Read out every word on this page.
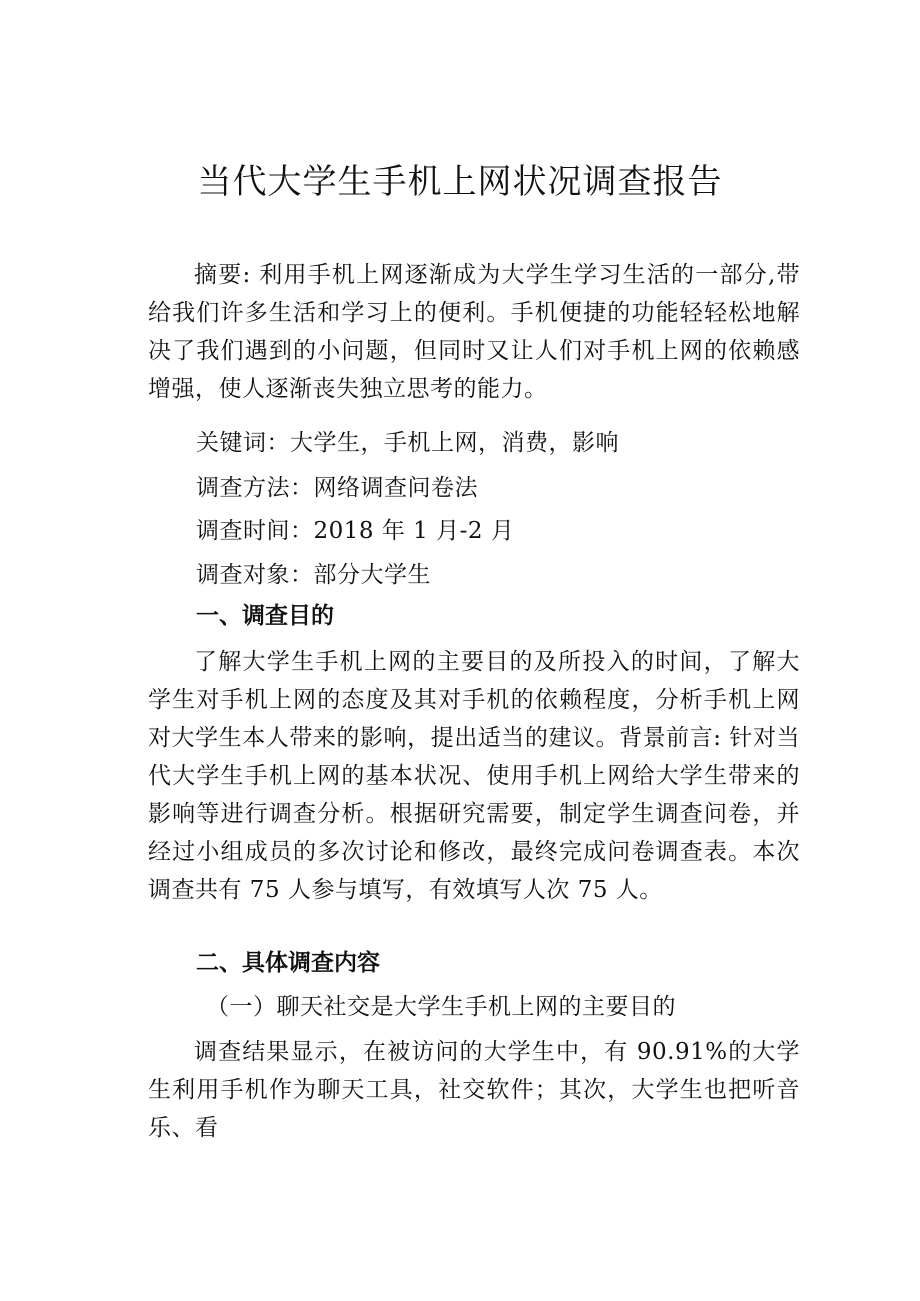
当代大学生手机上网状况调查报告
摘要: 利用手机上网逐渐成为大学生学习生活的一部分,带给我们许多生活和学习上的便利。手机便捷的功能轻轻松地解决了我们遇到的小问题，但同时又让人们对手机上网的依赖感增强，使人逐渐丧失独立思考的能力。
关键词：大学生，手机上网，消费，影响
调查方法：网络调查问卷法
调查时间：2018 年 1 月-2 月
调查对象：部分大学生
一、调查目的
了解大学生手机上网的主要目的及所投入的时间，了解大学生对手机上网的态度及其对手机的依赖程度，分析手机上网对大学生本人带来的影响，提出适当的建议。背景前言: 针对当代大学生手机上网的基本状况、使用手机上网给大学生带来的影响等进行调查分析。根据研究需要，制定学生调查问卷，并经过小组成员的多次讨论和修改，最终完成问卷调查表。本次调查共有 75 人参与填写，有效填写人次 75 人。
二、具体调查内容
（一）聊天社交是大学生手机上网的主要目的
调查结果显示，在被访问的大学生中，有 90.91%的大学生利用手机作为聊天工具，社交软件；其次，大学生也把听音乐、看
